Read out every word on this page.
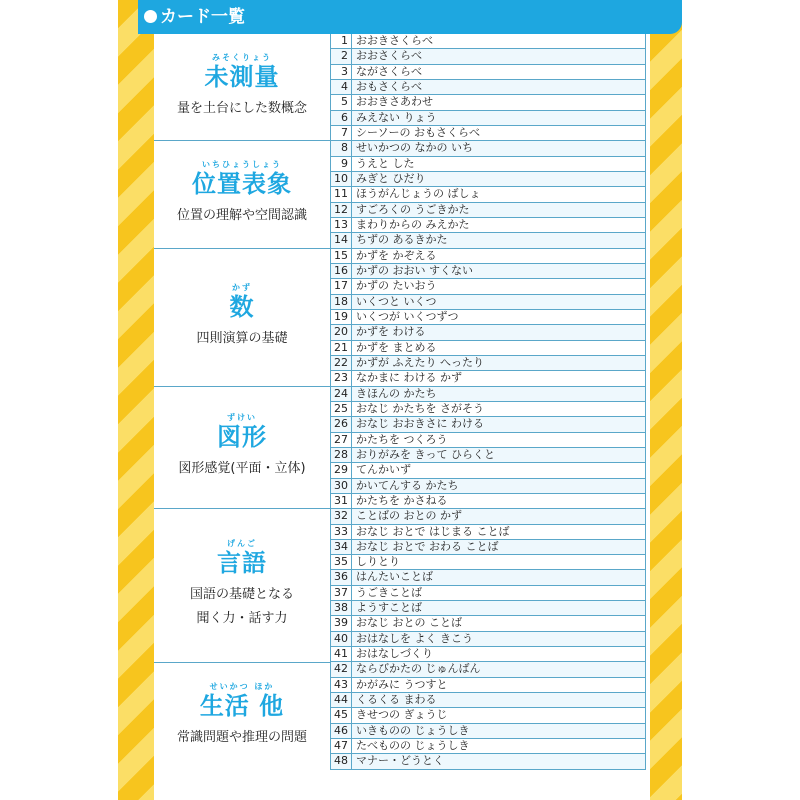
カード一覧
みそくりょう
未測量
量を土台にした数概念
いちひょうしょう
位置表象
位置の理解や空間認識
かず
数
四則演算の基礎
ずけい
図形
図形感覚(平面・立体)
げんご
言語
国語の基礎となる
聞く力・話す力
せいかつ ほか
生活 他
常識問題や推理の問題
1 おおきさくらべ
2 おおさくらべ
3 ながさくらべ
4 おもさくらべ
5 おおきさあわせ
6 みえない りょう
7 シーソーの おもさくらべ
8 せいかつの なかの いち
9 うえと した
10 みぎと ひだり
11 ほうがんじょうの ばしょ
12 すごろくの うごきかた
13 まわりからの みえかた
14 ちずの あるきかた
15 かずを かぞえる
16 かずの おおい すくない
17 かずの たいおう
18 いくつと いくつ
19 いくつが いくつずつ
20 かずを わける
21 かずを まとめる
22 かずが ふえたり へったり
23 なかまに わける かず
24 きほんの かたち
25 おなじ かたちを さがそう
26 おなじ おおきさに わける
27 かたちを つくろう
28 おりがみを きって ひらくと
29 てんかいず
30 かいてんする かたち
31 かたちを かさねる
32 ことばの おとの かず
33 おなじ おとで はじまる ことば
34 おなじ おとで おわる ことば
35 しりとり
36 はんたいことば
37 うごきことば
38 ようすことば
39 おなじ おとの ことば
40 おはなしを よく きこう
41 おはなしづくり
42 ならびかたの じゅんばん
43 かがみに うつすと
44 くるくる まわる
45 きせつの ぎょうじ
46 いきものの じょうしき
47 たべものの じょうしき
48 マナー・どうとく
